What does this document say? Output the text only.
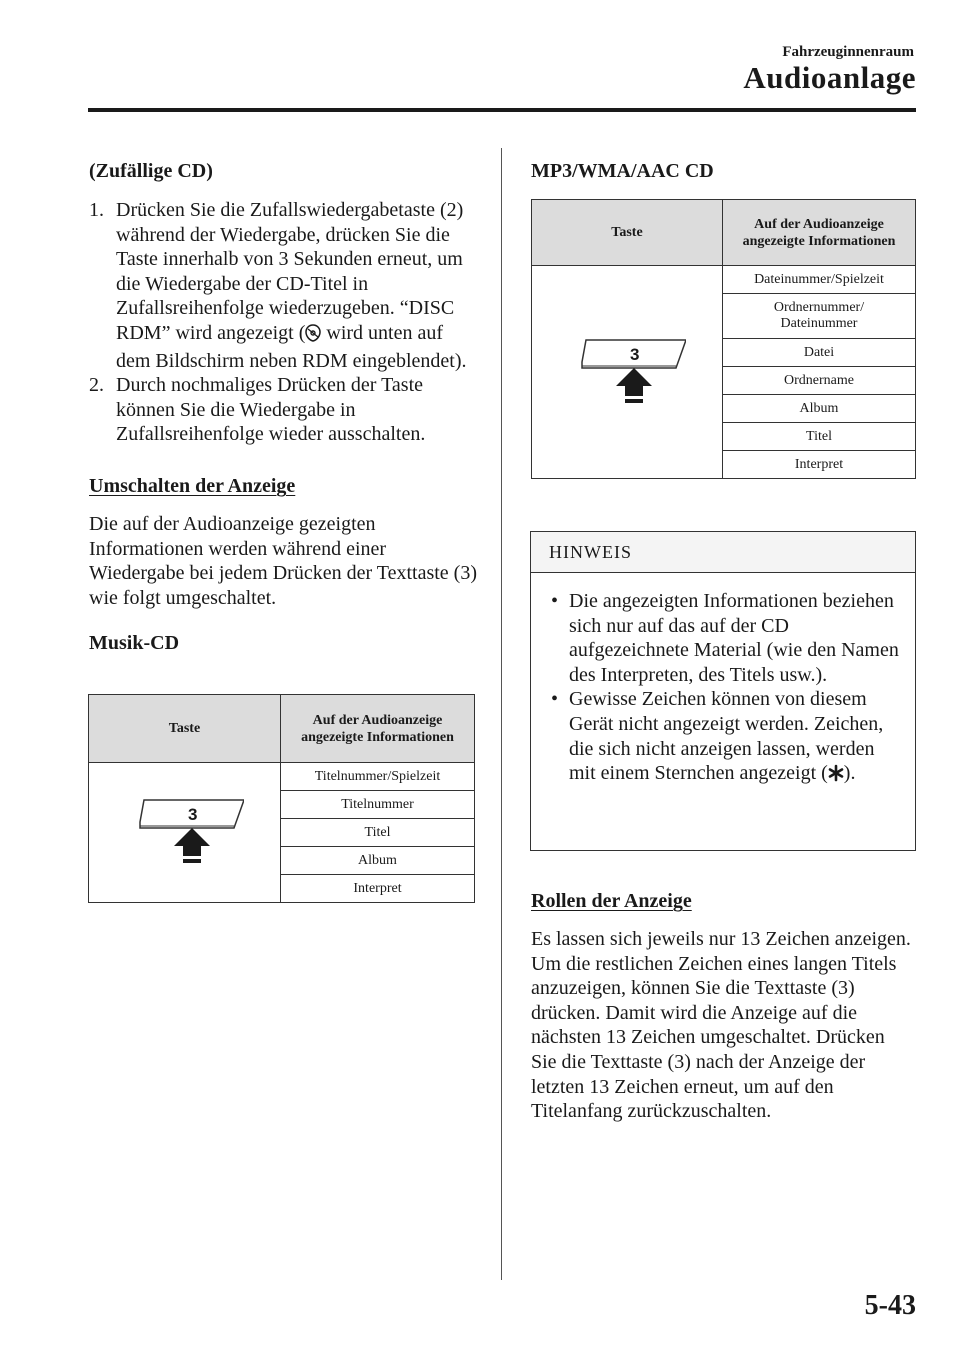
Fahrzeuginnenraum
Audioanlage
(Zufällige CD)
1. Drücken Sie die Zufallswiedergabetaste (2) während der Wiedergabe, drücken Sie die Taste innerhalb von 3 Sekunden erneut, um die Wiedergabe der CD-Titel in Zufallsreihenfolge wiederzugeben. “DISC RDM” wird angezeigt ( wird unten auf dem Bildschirm neben RDM eingeblendet).
2. Durch nochmaliges Drücken der Taste können Sie die Wiedergabe in Zufallsreihenfolge wieder ausschalten.
Umschalten der Anzeige
Die auf der Audioanzeige gezeigten Informationen werden während einer Wiedergabe bei jedem Drücken der Texttaste (3) wie folgt umgeschaltet.
Musik-CD
Taste	Auf der Audioanzeige angezeigte Informationen

3	Titelnummer/Spielzeit
	Titelnummer
	Titel
	Album
	Interpret
MP3/WMA/AAC CD
Taste	Auf der Audioanzeige angezeigte Informationen

3	Dateinummer/Spielzeit
	Ordnernummer/ Dateinummer
	Datei
	Ordnername
	Album
	Titel
	Interpret
HINWEIS
• Die angezeigten Informationen beziehen sich nur auf das auf der CD aufgezeichnete Material (wie den Namen des Interpreten, des Titels usw.).
• Gewisse Zeichen können von diesem Gerät nicht angezeigt werden. Zeichen, die sich nicht anzeigen lassen, werden mit einem Sternchen angezeigt ( ).
Rollen der Anzeige
Es lassen sich jeweils nur 13 Zeichen anzeigen. Um die restlichen Zeichen eines langen Titels anzuzeigen, können Sie die Texttaste (3) drücken. Damit wird die Anzeige auf die nächsten 13 Zeichen umgeschaltet. Drücken Sie die Texttaste (3) nach der Anzeige der letzten 13 Zeichen erneut, um auf den Titelanfang zurückzuschalten.
5-43
